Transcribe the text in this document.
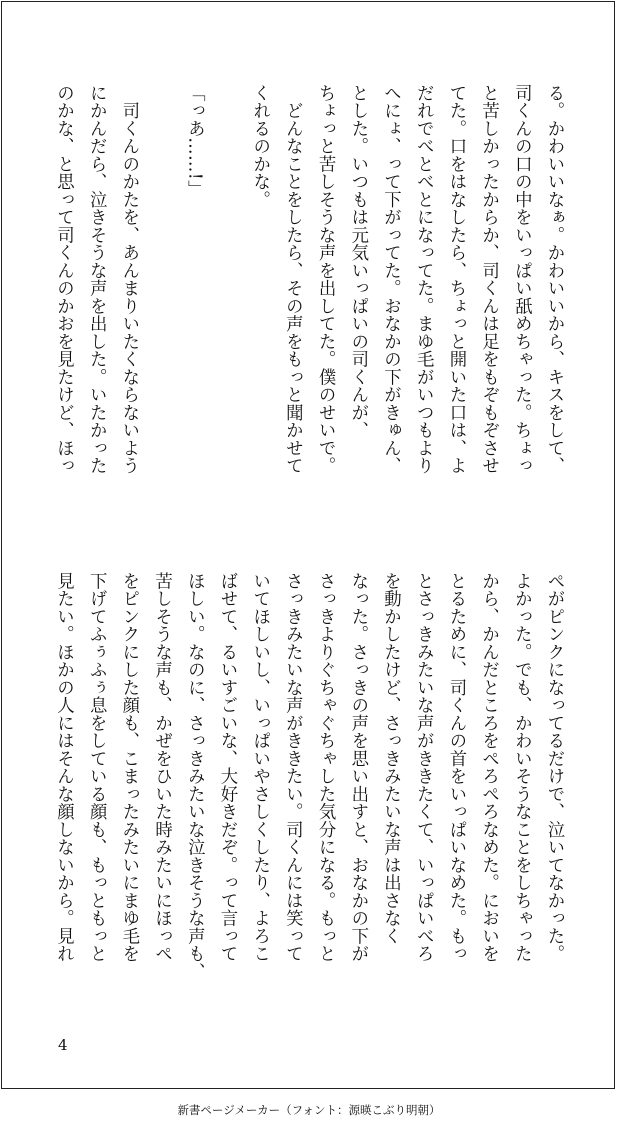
る。かわいいなぁ。かわいいから、キスをして、
司くんの口の中をいっぱい舐めちゃった。ちょっ
と苦しかったからか、司くんは足をもぞもぞさせ
てた。口をはなしたら、ちょっと開いた口は、よ
だれでべとべとになってた。まゆ毛がいつもより
へにょ、って下がってた。おなかの下がきゅん、
とした。いつもは元気いっぱいの司くんが、
ちょっと苦しそうな声を出してた。僕のせいで。
　どんなことをしたら、その声をもっと聞かせて
くれるのかな。

「っあ……!」

　司くんのかたを、あんまりいたくならないよう
にかんだら、泣きそうな声を出した。いたかった
のかな、と思って司くんのかおを見たけど、ほっ
ぺがピンクになってるだけで、泣いてなかった。
よかった。でも、かわいそうなことをしちゃった
から、かんだところをぺろぺろなめた。においを
とるために、司くんの首をいっぱいなめた。もっ
とさっきみたいな声がききたくて、いっぱいべろ
を動かしたけど、さっきみたいな声は出さなく
なった。さっきの声を思い出すと、おなかの下が
さっきよりぐちゃぐちゃした気分になる。もっと
さっきみたいな声がききたい。司くんには笑って
いてほしいし、いっぱいやさしくしたり、よろこ
ばせて、るいすごいな、大好きだぞ。って言って
ほしい。なのに、さっきみたいな泣きそうな声も、
苦しそうな声も、かぜをひいた時みたいにほっぺ
をピンクにした顔も、こまったみたいにまゆ毛を
下げてふぅふぅ息をしている顔も、もっともっと
見たい。ほかの人にはそんな顔しないから。見れ
4
新書ページメーカー（フォント：源暎こぶり明朝）
